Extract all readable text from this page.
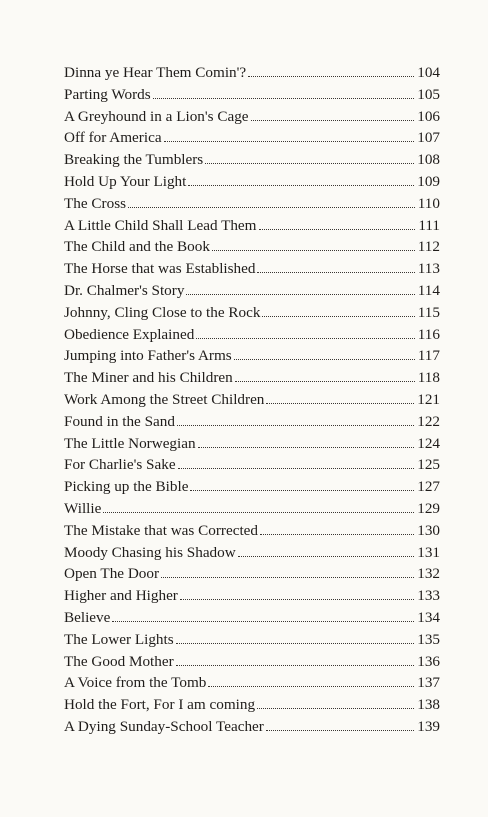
Dinna ye Hear Them Comin'?	104
Parting Words	105
A Greyhound in a Lion's Cage	106
Off for America	107
Breaking the Tumblers	108
Hold Up Your Light	109
The Cross	110
A Little Child Shall Lead Them	111
The Child and the Book	112
The Horse that was Established	113
Dr. Chalmer's Story	114
Johnny, Cling Close to the Rock	115
Obedience Explained	116
Jumping into Father's Arms	117
The Miner and his Children	118
Work Among the Street Children	121
Found in the Sand	122
The Little Norwegian	124
For Charlie's Sake	125
Picking up the Bible	127
Willie	129
The Mistake that was Corrected	130
Moody Chasing his Shadow	131
Open The Door	132
Higher and Higher	133
Believe	134
The Lower Lights	135
The Good Mother	136
A Voice from the Tomb	137
Hold the Fort, For I am coming	138
A Dying Sunday-School Teacher	139
